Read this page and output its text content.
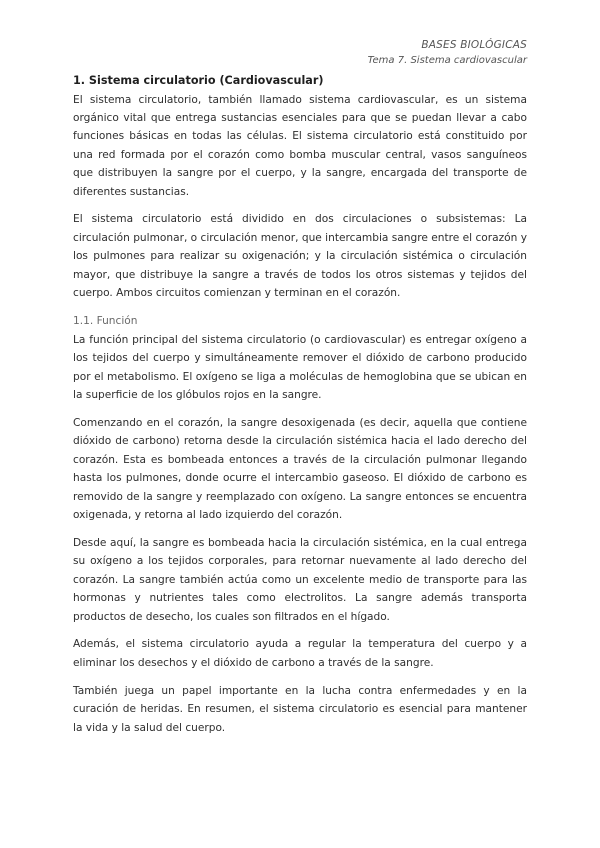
BASES BIOLÓGICAS
Tema 7. Sistema cardiovascular
1. Sistema circulatorio (Cardiovascular)

El sistema circulatorio, también llamado sistema cardiovascular, es un sistema orgánico vital que entrega sustancias esenciales para que se puedan llevar a cabo funciones básicas en todas las células. El sistema circulatorio está constituido por una red formada por el corazón como bomba muscular central, vasos sanguíneos que distribuyen la sangre por el cuerpo, y la sangre, encargada del transporte de diferentes sustancias.

El sistema circulatorio está dividido en dos circulaciones o subsistemas: La circulación pulmonar, o circulación menor, que intercambia sangre entre el corazón y los pulmones para realizar su oxigenación; y la circulación sistémica o circulación mayor, que distribuye la sangre a través de todos los otros sistemas y tejidos del cuerpo. Ambos circuitos comienzan y terminan en el corazón.

1.1. Función

La función principal del sistema circulatorio (o cardiovascular) es entregar oxígeno a los tejidos del cuerpo y simultáneamente remover el dióxido de carbono producido por el metabolismo. El oxígeno se liga a moléculas de hemoglobina que se ubican en la superficie de los glóbulos rojos en la sangre.

Comenzando en el corazón, la sangre desoxigenada (es decir, aquella que contiene dióxido de carbono) retorna desde la circulación sistémica hacia el lado derecho del corazón. Esta es bombeada entonces a través de la circulación pulmonar llegando hasta los pulmones, donde ocurre el intercambio gaseoso. El dióxido de carbono es removido de la sangre y reemplazado con oxígeno. La sangre entonces se encuentra oxigenada, y retorna al lado izquierdo del corazón.

Desde aquí, la sangre es bombeada hacia la circulación sistémica, en la cual entrega su oxígeno a los tejidos corporales, para retornar nuevamente al lado derecho del corazón. La sangre también actúa como un excelente medio de transporte para las hormonas y nutrientes tales como electrolitos. La sangre además transporta productos de desecho, los cuales son filtrados en el hígado.

Además, el sistema circulatorio ayuda a regular la temperatura del cuerpo y a eliminar los desechos y el dióxido de carbono a través de la sangre.

También juega un papel importante en la lucha contra enfermedades y en la curación de heridas. En resumen, el sistema circulatorio es esencial para mantener la vida y la salud del cuerpo.
